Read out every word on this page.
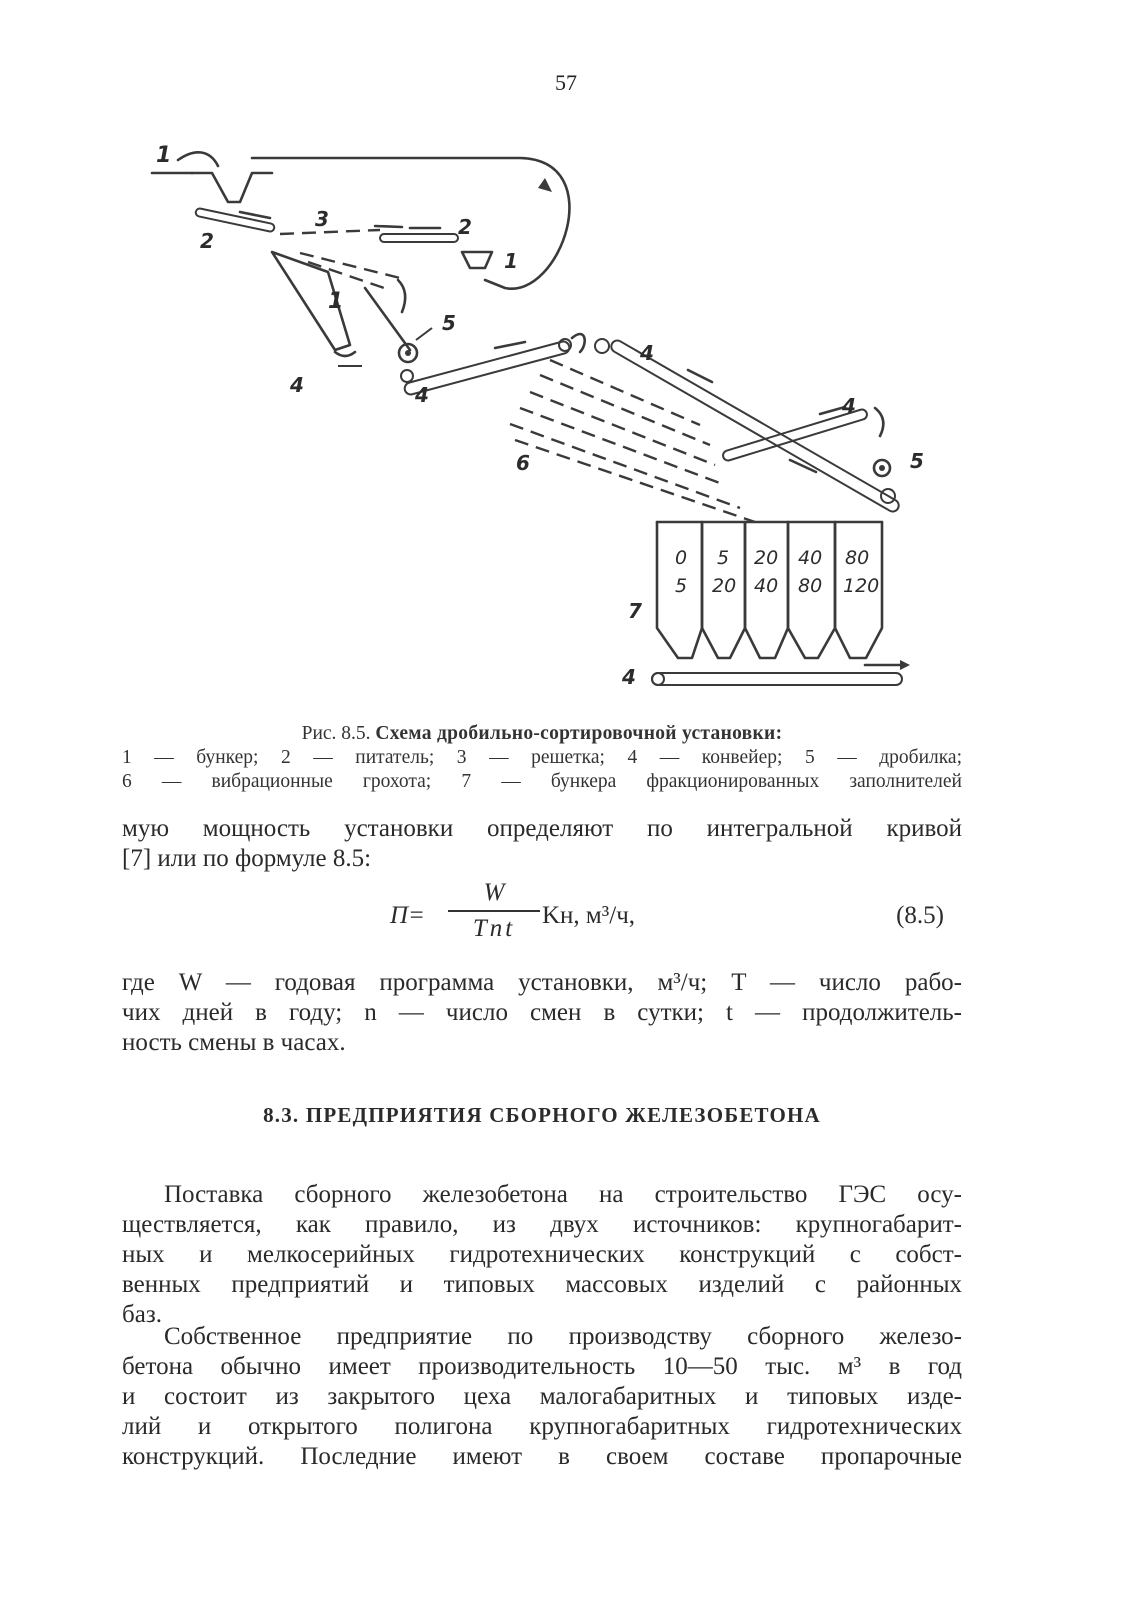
57
0
5
5
20
20
40
40
80
80
120
1
2
3	2
1
1
5
4	4
4
4
5
6
7
4
Рис. 8.5. Схема дробильно-сортировочной установки:
1 — бункер; 2 — питатель; 3 — решетка; 4 — конвейер; 5 — дробилка;
6 — вибрационные грохота; 7 — бункера фракционированных заполнителей
мую мощность установки определяют по интегральной кривой
[7] или по формуле 8.5:
П=
W
Tnt	Kн, м³/ч,	(8.5)
где W — годовая программа установки, м³/ч; T — число рабо-
чих дней в году; n — число смен в сутки; t — продолжитель-
ность смены в часах.
8.3. ПРЕДПРИЯТИЯ СБОРНОГО ЖЕЛЕЗОБЕТОНА
Поставка сборного железобетона на строительство ГЭС осу-
ществляется, как правило, из двух источников: крупногабарит-
ных и мелкосерийных гидротехнических конструкций с собст-
венных предприятий и типовых массовых изделий с районных
баз.
Собственное предприятие по производству сборного железо-
бетона обычно имеет производительность 10—50 тыс. м³ в год
и состоит из закрытого цеха малогабаритных и типовых изде-
лий и открытого полигона крупногабаритных гидротехнических
конструкций. Последние имеют в своем составе пропарочные
